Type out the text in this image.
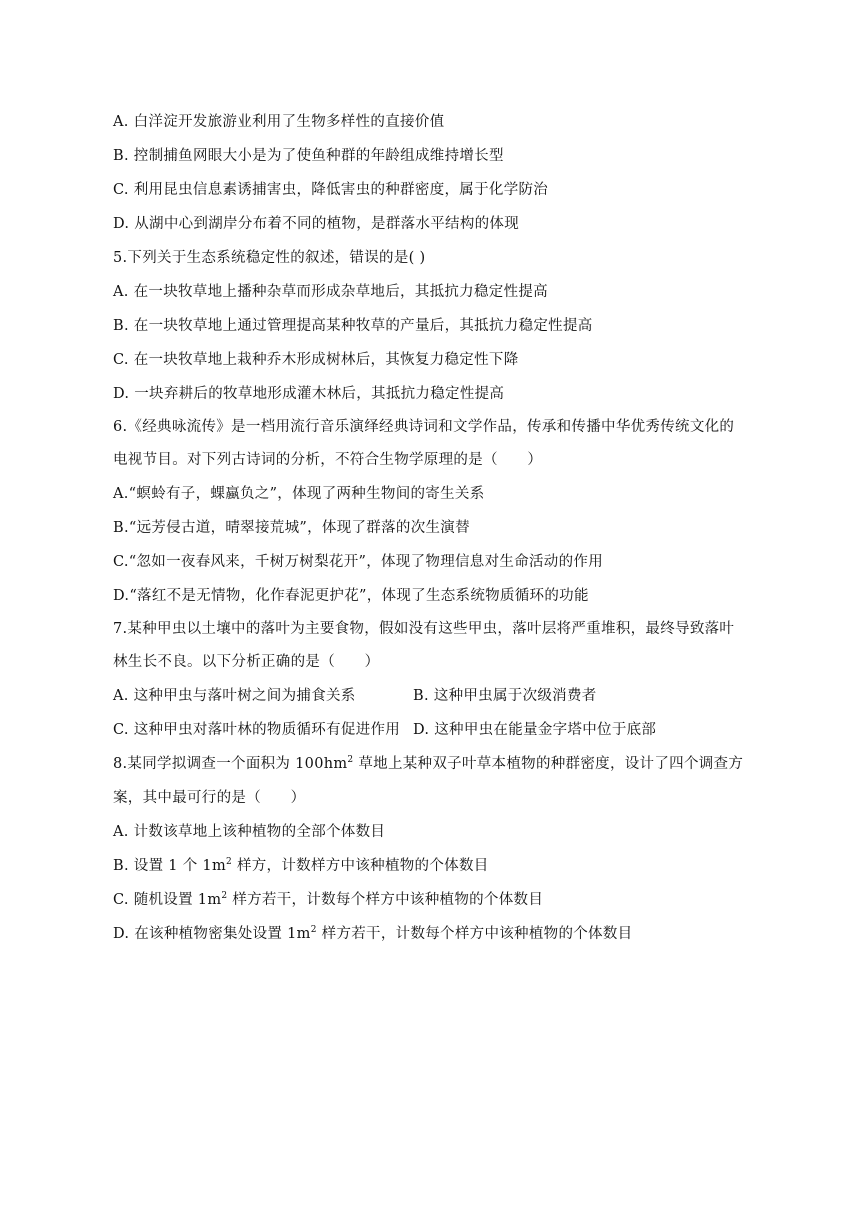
A. 白洋淀开发旅游业利用了生物多样性的直接价值
B. 控制捕鱼网眼大小是为了使鱼种群的年龄组成维持增长型
C. 利用昆虫信息素诱捕害虫，降低害虫的种群密度，属于化学防治
D. 从湖中心到湖岸分布着不同的植物，是群落水平结构的体现
5.下列关于生态系统稳定性的叙述，错误的是( )
A. 在一块牧草地上播种杂草而形成杂草地后，其抵抗力稳定性提高
B. 在一块牧草地上通过管理提高某种牧草的产量后，其抵抗力稳定性提高
C. 在一块牧草地上栽种乔木形成树林后，其恢复力稳定性下降
D. 一块弃耕后的牧草地形成灌木林后，其抵抗力稳定性提高
6.《经典咏流传》是一档用流行音乐演绎经典诗词和文学作品，传承和传播中华优秀传统文化的
电视节目。对下列古诗词的分析，不符合生物学原理的是（　　）
A.“螟蛉有子，蜾蠃负之”，体现了两种生物间的寄生关系
B.“远芳侵古道，晴翠接荒城”，体现了群落的次生演替
C.“忽如一夜春风来，千树万树梨花开”，体现了物理信息对生命活动的作用
D.“落红不是无情物，化作春泥更护花”，体现了生态系统物质循环的功能
7.某种甲虫以土壤中的落叶为主要食物，假如没有这些甲虫，落叶层将严重堆积，最终导致落叶
林生长不良。以下分析正确的是（　　）
A. 这种甲虫与落叶树之间为捕食关系	B. 这种甲虫属于次级消费者
C. 这种甲虫对落叶林的物质循环有促进作用 D. 这种甲虫在能量金字塔中位于底部
8.某同学拟调查一个面积为 $100hm^2$ 草地上某种双子叶草本植物的种群密度，设计了四个调查方
案，其中最可行的是（　　）
A. 计数该草地上该种植物的全部个体数目
B. 设置 1 个 $1m^2$ 样方，计数样方中该种植物的个体数目
C. 随机设置 $1m^2$ 样方若干，计数每个样方中该种植物的个体数目
D. 在该种植物密集处设置 $1m^2$ 样方若干，计数每个样方中该种植物的个体数目
